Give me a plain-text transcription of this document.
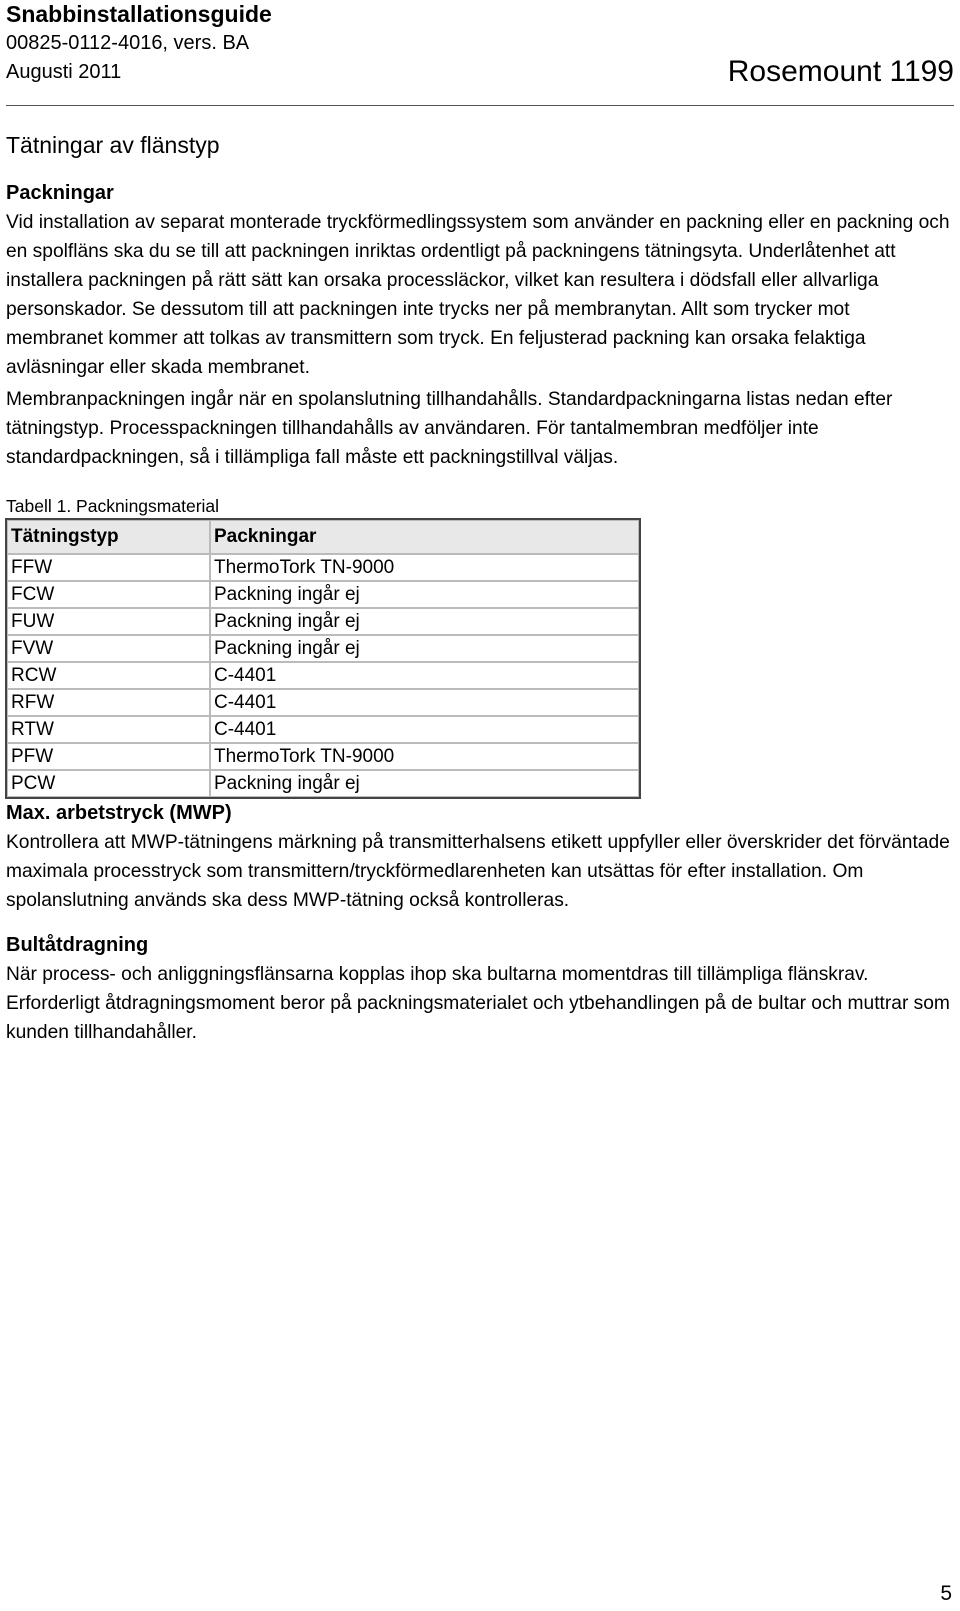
Snabbinstallationsguide
00825-0112-4016, vers. BA
Augusti 2011	Rosemount 1199
Tätningar av flänstyp
Packningar

Vid installation av separat monterade tryckförmedlingssystem som använder en packning eller en packning och en spolfläns ska du se till att packningen inriktas ordentligt på packningens tätningsyta. Underlåtenhet att installera packningen på rätt sätt kan orsaka processläckor, vilket kan resultera i dödsfall eller allvarliga personskador. Se dessutom till att packningen inte trycks ner på membranytan. Allt som trycker mot membranet kommer att tolkas av transmittern som tryck. En feljusterad packning kan orsaka felaktiga avläsningar eller skada membranet.

Membranpackningen ingår när en spolanslutning tillhandahålls. Standardpackningarna listas nedan efter tätningstyp. Processpackningen tillhandahålls av användaren. För tantalmembran medföljer inte standardpackningen, så i tillämpliga fall måste ett packningstillval väljas.

Tabell 1. Packningsmaterial
Tätningstyp	Packningar
FFW	ThermoTork TN-9000
FCW	Packning ingår ej
FUW	Packning ingår ej
FVW	Packning ingår ej
RCW	C-4401
RFW	C-4401
RTW	C-4401
PFW	ThermoTork TN-9000
PCW	Packning ingår ej
Max. arbetstryck (MWP)

Kontrollera att MWP-tätningens märkning på transmitterhalsens etikett uppfyller eller överskrider det förväntade maximala processtryck som transmittern/tryckförmedlarenheten kan utsättas för efter installation. Om spolanslutning används ska dess MWP-tätning också kontrolleras.

Bultåtdragning

När process- och anliggningsflänsarna kopplas ihop ska bultarna momentdras till tillämpliga flänskrav. Erforderligt åtdragningsmoment beror på packningsmaterialet och ytbehandlingen på de bultar och muttrar som kunden tillhandahåller.

5
